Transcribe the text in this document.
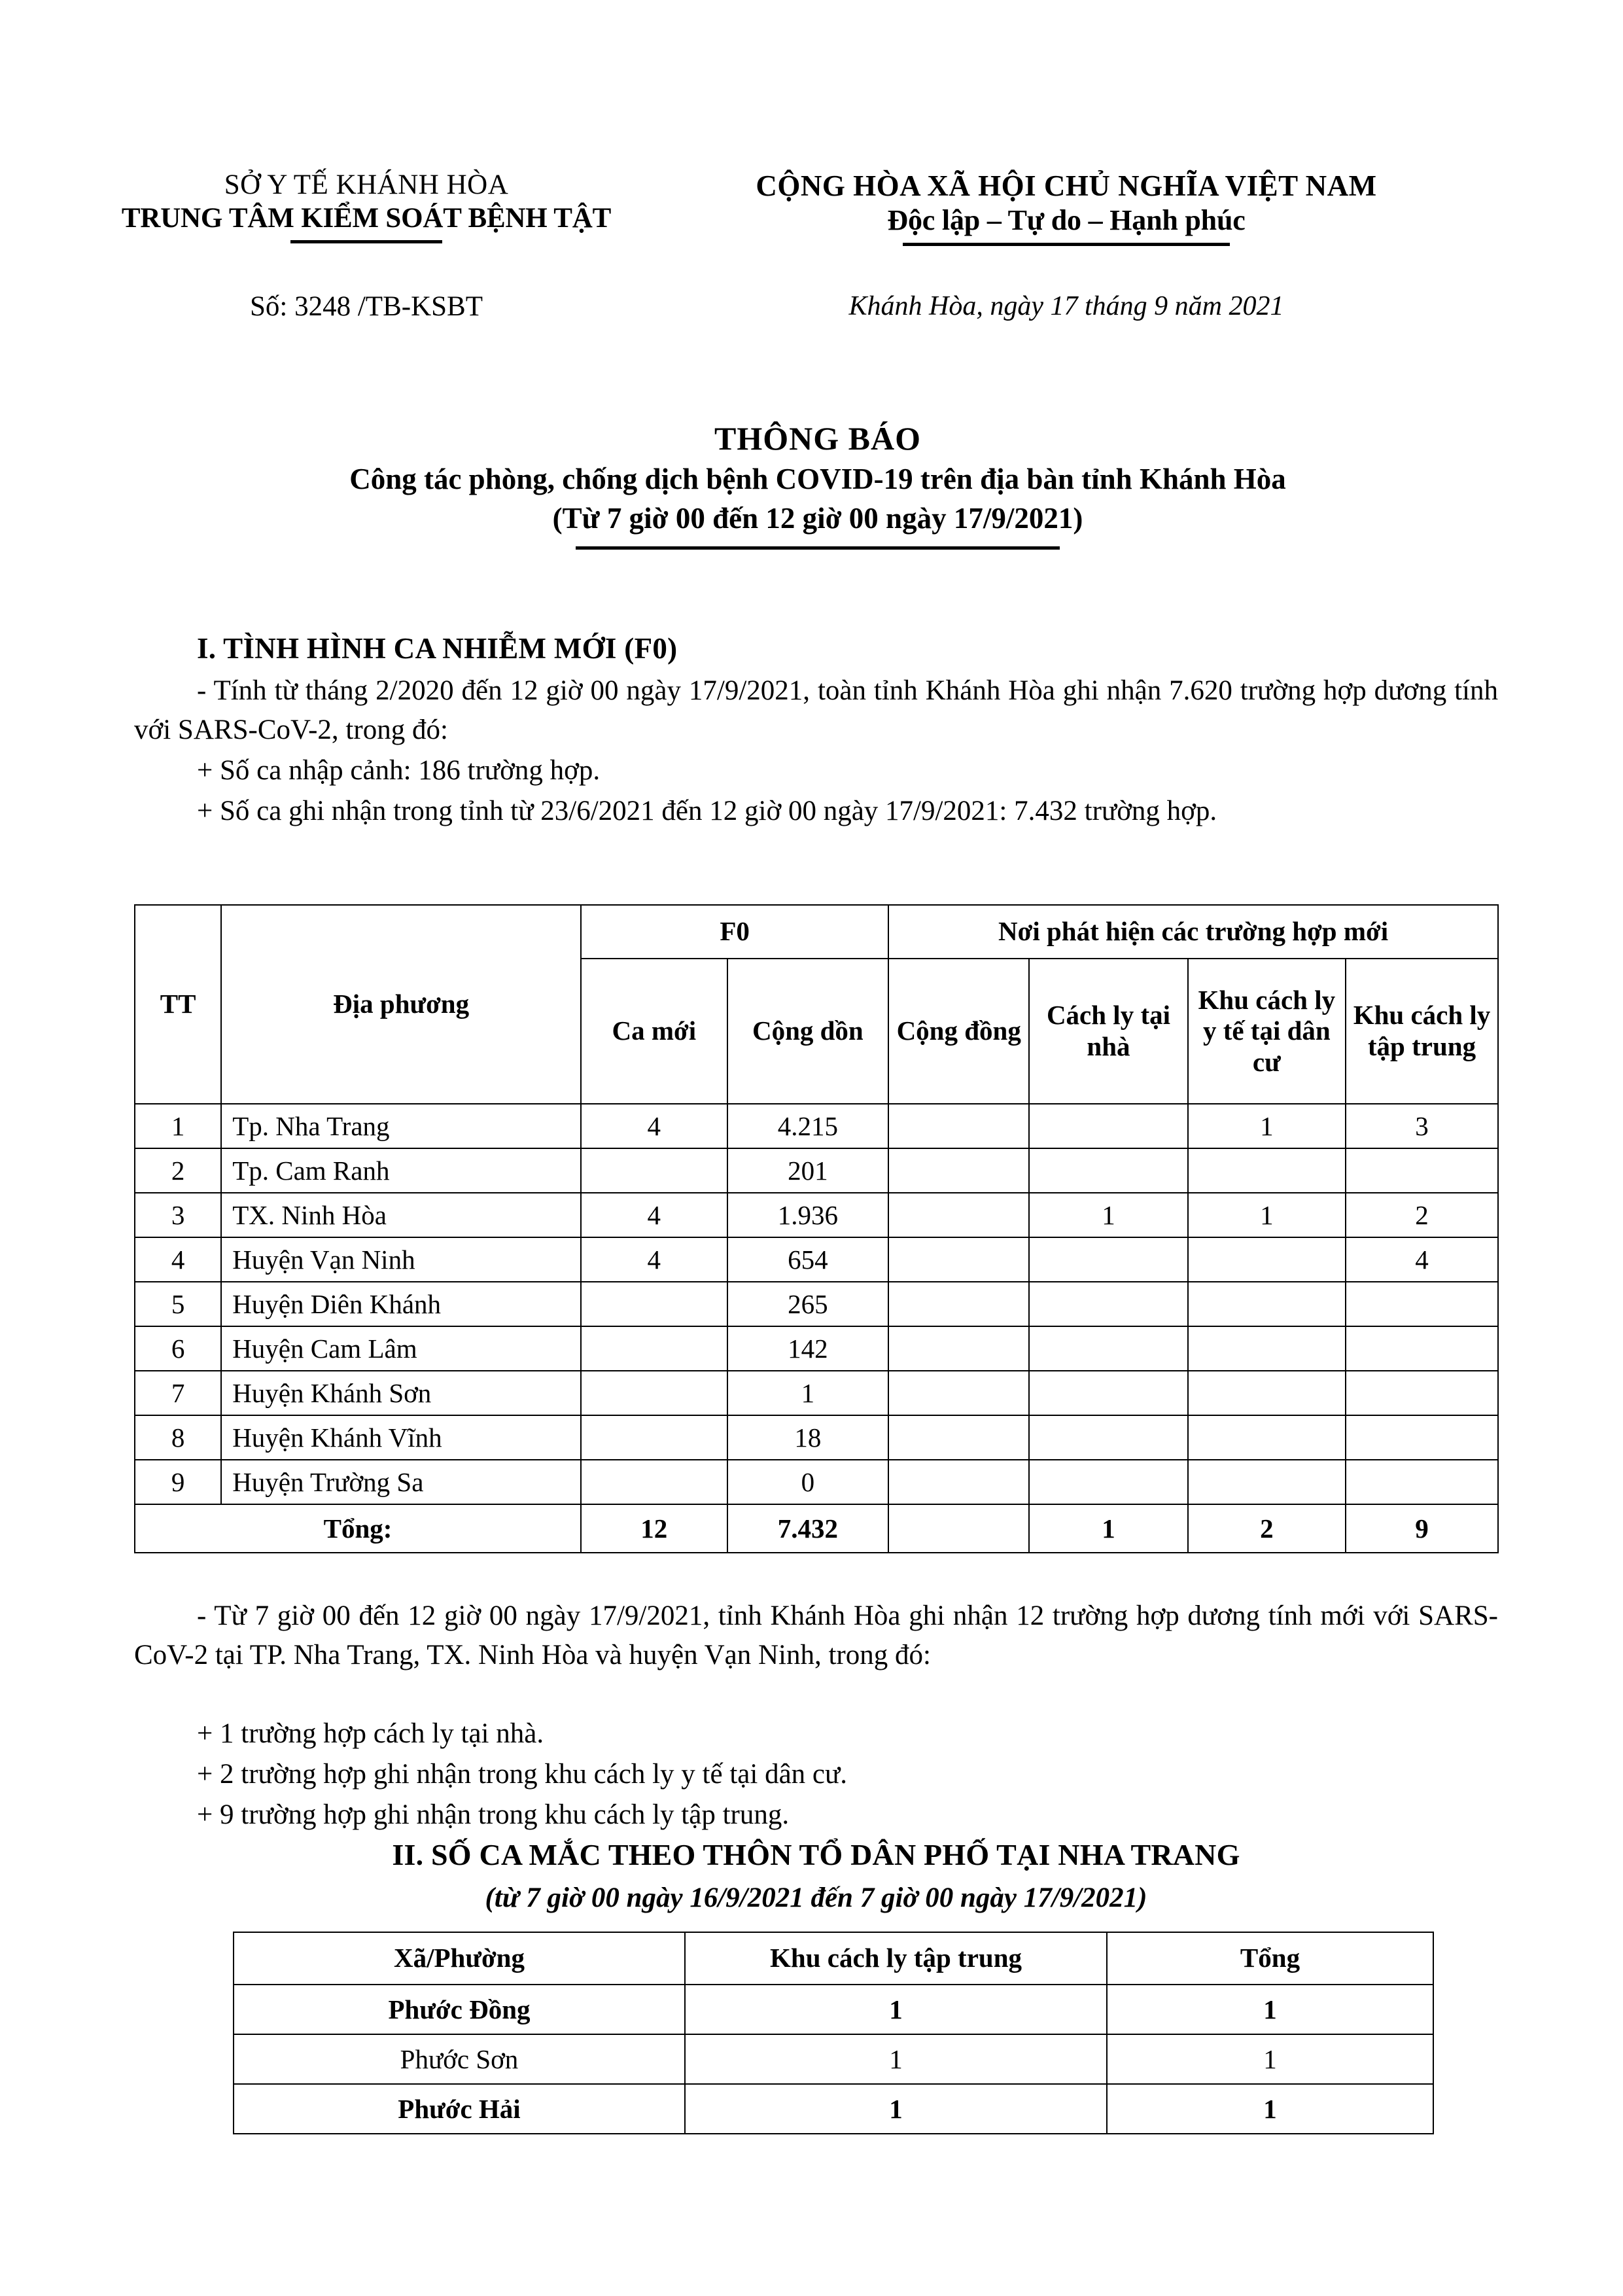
SỞ Y TẾ KHÁNH HÒA
TRUNG TÂM KIỂM SOÁT BỆNH TẬT
CỘNG HÒA XÃ HỘI CHỦ NGHĨA VIỆT NAM
Độc lập – Tự do – Hạnh phúc
Số: 3248 /TB-KSBT	Khánh Hòa, ngày 17 tháng 9 năm 2021
THÔNG BÁO
Công tác phòng, chống dịch bệnh COVID-19 trên địa bàn tỉnh Khánh Hòa
(Từ 7 giờ 00 đến 12 giờ 00 ngày 17/9/2021)
I. TÌNH HÌNH CA NHIỄM MỚI (F0)
- Tính từ tháng 2/2020 đến 12 giờ 00 ngày 17/9/2021, toàn tỉnh Khánh Hòa ghi nhận 7.620 trường hợp dương tính với SARS-CoV-2, trong đó:
+ Số ca nhập cảnh: 186 trường hợp.
+ Số ca ghi nhận trong tỉnh từ 23/6/2021 đến 12 giờ 00 ngày 17/9/2021: 7.432 trường hợp.
TT	Địa phương	F0		Nơi phát hiện các trường hợp mới			
		Ca mới	Cộng dồn	Cộng đồng	Cách ly tại nhà	Khu cách ly y tế tại dân cư	Khu cách ly tập trung

1	Tp. Nha Trang	4	4.215			1	3
2	Tp. Cam Ranh		201				
3	TX. Ninh Hòa	4	1.936		1	1	2
4	Huyện Vạn Ninh	4	654				4
5	Huyện Diên Khánh		265				
6	Huyện Cam Lâm		142				
7	Huyện Khánh Sơn		1				
8	Huyện Khánh Vĩnh		18				
9	Huyện Trường Sa		0				
Tổng:		12	7.432		1	2	9
- Từ 7 giờ 00 đến 12 giờ 00 ngày 17/9/2021, tỉnh Khánh Hòa ghi nhận 12 trường hợp dương tính mới với SARS-CoV-2 tại TP. Nha Trang, TX. Ninh Hòa và huyện Vạn Ninh, trong đó:
+ 1 trường hợp cách ly tại nhà.
+ 2 trường hợp ghi nhận trong khu cách ly y tế tại dân cư.
+ 9 trường hợp ghi nhận trong khu cách ly tập trung.
II. SỐ CA MẮC THEO THÔN TỔ DÂN PHỐ TẠI NHA TRANG
(từ 7 giờ 00 ngày 16/9/2021 đến 7 giờ 00 ngày 17/9/2021)
Xã/Phường	Khu cách ly tập trung	Tổng
Phước Đồng	1	1
Phước Sơn	1	1
Phước Hải	1	1
